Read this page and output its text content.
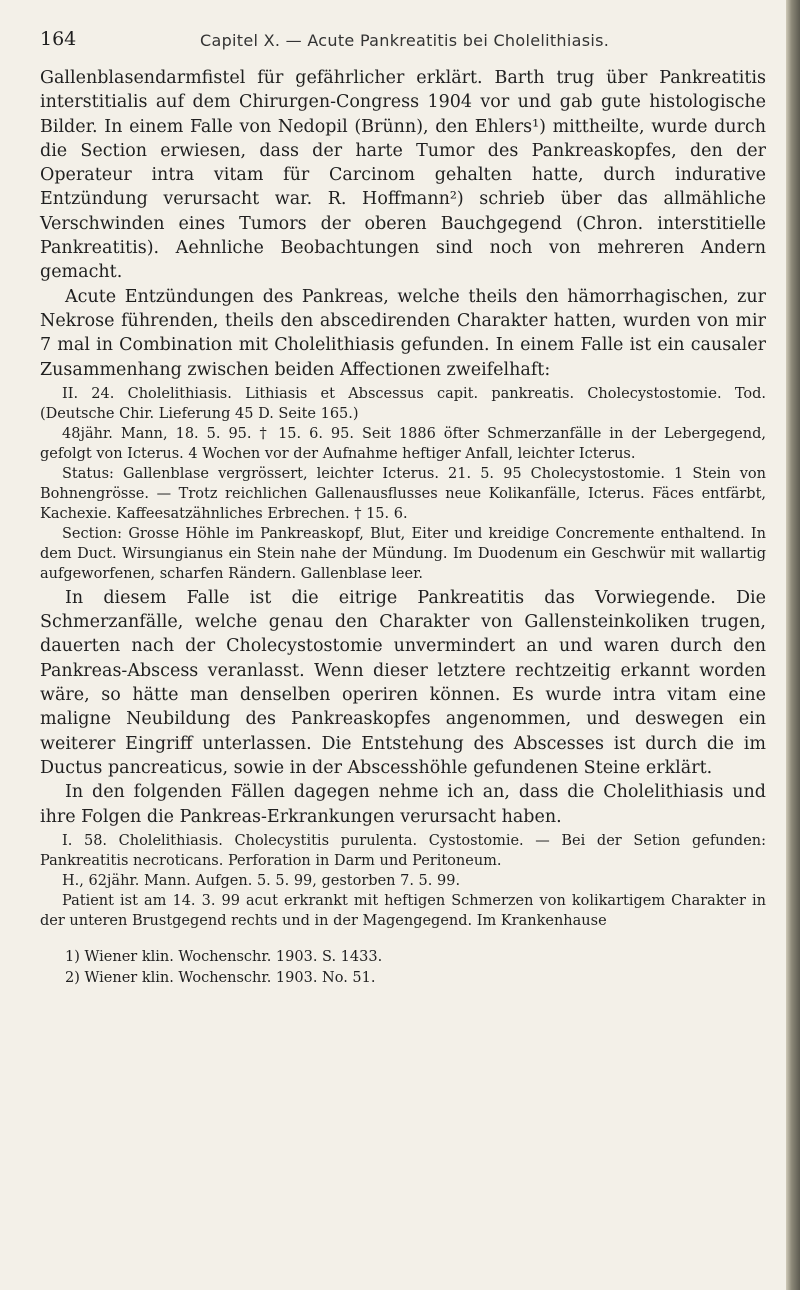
164	Capitel X. — Acute Pankreatitis bei Cholelithiasis.

Gallenblasendarmfistel für gefährlicher erklärt. Barth trug über Pankreatitis interstitialis auf dem Chirurgen-Congress 1904 vor und gab gute histologische Bilder. In einem Falle von Nedopil (Brünn), den Ehlers¹) mittheilte, wurde durch die Section erwiesen, dass der harte Tumor des Pankreaskopfes, den der Operateur intra vitam für Carcinom gehalten hatte, durch indurative Entzündung verursacht war. R. Hoffmann²) schrieb über das allmähliche Verschwinden eines Tumors der oberen Bauchgegend (Chron. interstitielle Pankreatitis). Aehnliche Beobachtungen sind noch von mehreren Andern gemacht.

Acute Entzündungen des Pankreas, welche theils den hämorrhagischen, zur Nekrose führenden, theils den abscedirenden Charakter hatten, wurden von mir 7 mal in Combination mit Cholelithiasis gefunden. In einem Falle ist ein causaler Zusammenhang zwischen beiden Affectionen zweifelhaft:

II. 24. Cholelithiasis. Lithiasis et Abscessus capit. pankreatis. Cholecystostomie. Tod. (Deutsche Chir. Lieferung 45 D. Seite 165.)

48jähr. Mann, 18. 5. 95. † 15. 6. 95. Seit 1886 öfter Schmerzanfälle in der Lebergegend, gefolgt von Icterus. 4 Wochen vor der Aufnahme heftiger Anfall, leichter Icterus.

Status: Gallenblase vergrössert, leichter Icterus. 21. 5. 95 Cholecystostomie. 1 Stein von Bohnengrösse. — Trotz reichlichen Gallenausflusses neue Kolikanfälle, Icterus. Fäces entfärbt, Kachexie. Kaffeesatzähnliches Erbrechen. † 15. 6.

Section: Grosse Höhle im Pankreaskopf, Blut, Eiter und kreidige Concremente enthaltend. In dem Duct. Wirsungianus ein Stein nahe der Mündung. Im Duodenum ein Geschwür mit wallartig aufgeworfenen, scharfen Rändern. Gallenblase leer.

In diesem Falle ist die eitrige Pankreatitis das Vorwiegende. Die Schmerzanfälle, welche genau den Charakter von Gallensteinkoliken trugen, dauerten nach der Cholecystostomie unvermindert an und waren durch den Pankreas-Abscess veranlasst. Wenn dieser letztere rechtzeitig erkannt worden wäre, so hätte man denselben operiren können. Es wurde intra vitam eine maligne Neubildung des Pankreaskopfes angenommen, und deswegen ein weiterer Eingriff unterlassen. Die Entstehung des Abscesses ist durch die im Ductus pancreaticus, sowie in der Abscesshöhle gefundenen Steine erklärt.

In den folgenden Fällen dagegen nehme ich an, dass die Cholelithiasis und ihre Folgen die Pankreas-Erkrankungen verursacht haben.

I. 58. Cholelithiasis. Cholecystitis purulenta. Cystostomie. — Bei der Setion gefunden: Pankreatitis necroticans. Perforation in Darm und Peritoneum.

H., 62jähr. Mann. Aufgen. 5. 5. 99, gestorben 7. 5. 99.

Patient ist am 14. 3. 99 acut erkrankt mit heftigen Schmerzen von kolikartigem Charakter in der unteren Brustgegend rechts und in der Magengegend. Im Krankenhause

1) Wiener klin. Wochenschr. 1903. S. 1433.
2) Wiener klin. Wochenschr. 1903. No. 51.
